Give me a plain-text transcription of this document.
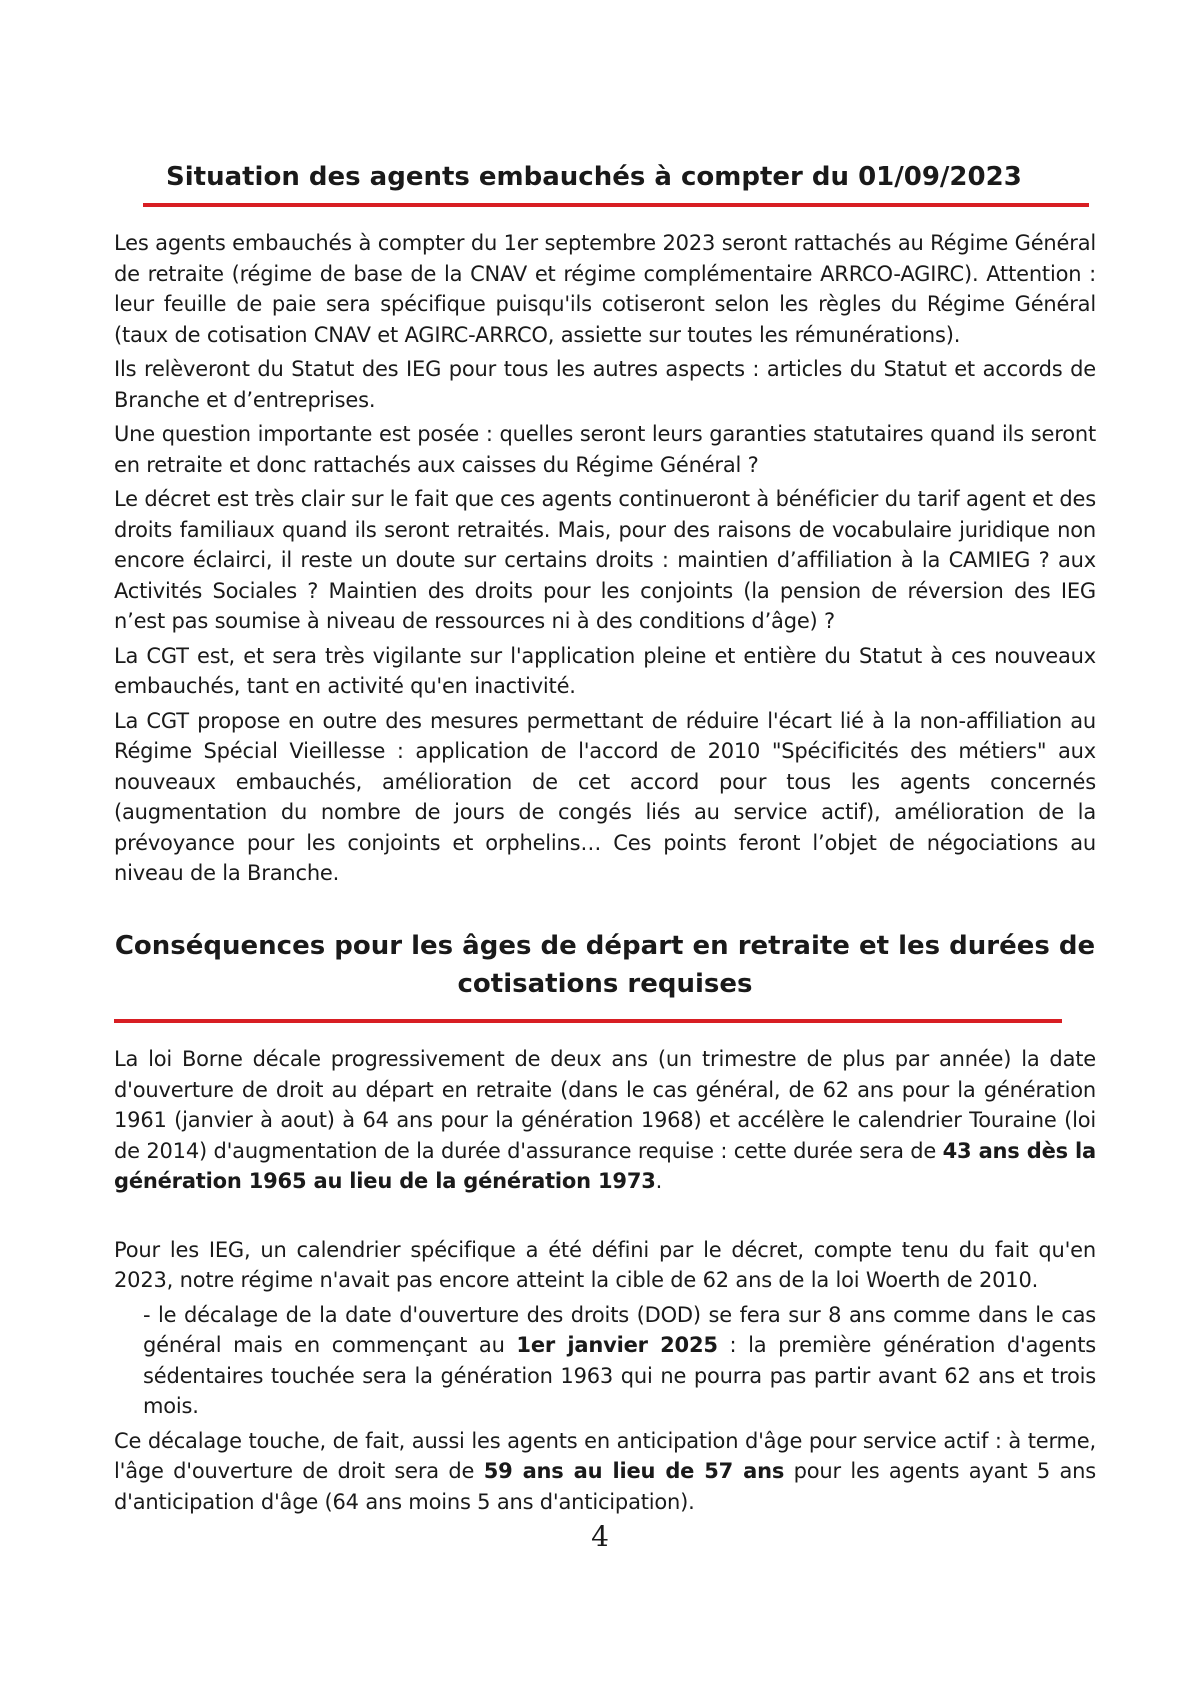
Situation des agents embauchés à compter du 01/09/2023

Les agents embauchés à compter du 1er septembre 2023 seront rattachés au Régime Général de retraite (régime de base de la CNAV et régime complémentaire ARRCO-AGIRC). Attention : leur feuille de paie sera spécifique puisqu'ils cotiseront selon les règles du Régime Général (taux de cotisation CNAV et AGIRC-ARRCO, assiette sur toutes les rémunérations).

Ils relèveront du Statut des IEG pour tous les autres aspects : articles du Statut et accords de Branche et d’entreprises.

Une question importante est posée : quelles seront leurs garanties statutaires quand ils seront en retraite et donc rattachés aux caisses du Régime Général ?

Le décret est très clair sur le fait que ces agents continueront à bénéficier du tarif agent et des droits familiaux quand ils seront retraités. Mais, pour des raisons de vocabulaire juridique non encore éclairci, il reste un doute sur certains droits : maintien d’affiliation à la CAMIEG ? aux Activités Sociales ? Maintien des droits pour les conjoints (la pension de réversion des IEG n’est pas soumise à niveau de ressources ni à des conditions d’âge) ?

La CGT est, et sera très vigilante sur l'application pleine et entière du Statut à ces nouveaux embauchés, tant en activité qu'en inactivité.

La CGT propose en outre des mesures permettant de réduire l'écart lié à la non-affiliation au Régime Spécial Vieillesse : application de l'accord de 2010 "Spécificités des métiers" aux nouveaux embauchés, amélioration de cet accord pour tous les agents concernés (augmentation du nombre de jours de congés liés au service actif), amélioration de la prévoyance pour les conjoints et orphelins… Ces points feront l’objet de négociations au niveau de la Branche.

Conséquences pour les âges de départ en retraite et les durées de cotisations requises

La loi Borne décale progressivement de deux ans (un trimestre de plus par année) la date d'ouverture de droit au départ en retraite (dans le cas général, de 62 ans pour la génération 1961 (janvier à aout) à 64 ans pour la génération 1968) et accélère le calendrier Touraine (loi de 2014) d'augmentation de la durée d'assurance requise : cette durée sera de 43 ans dès la génération 1965 au lieu de la génération 1973.

Pour les IEG, un calendrier spécifique a été défini par le décret, compte tenu du fait qu'en 2023, notre régime n'avait pas encore atteint la cible de 62 ans de la loi Woerth de 2010.

- le décalage de la date d'ouverture des droits (DOD) se fera sur 8 ans comme dans le cas général mais en commençant au 1er janvier 2025 : la première génération d'agents sédentaires touchée sera la génération 1963 qui ne pourra pas partir avant 62 ans et trois mois.

Ce décalage touche, de fait, aussi les agents en anticipation d'âge pour service actif : à terme, l'âge d'ouverture de droit sera de 59 ans au lieu de 57 ans pour les agents ayant 5 ans d'anticipation d'âge (64 ans moins 5 ans d'anticipation).

4
